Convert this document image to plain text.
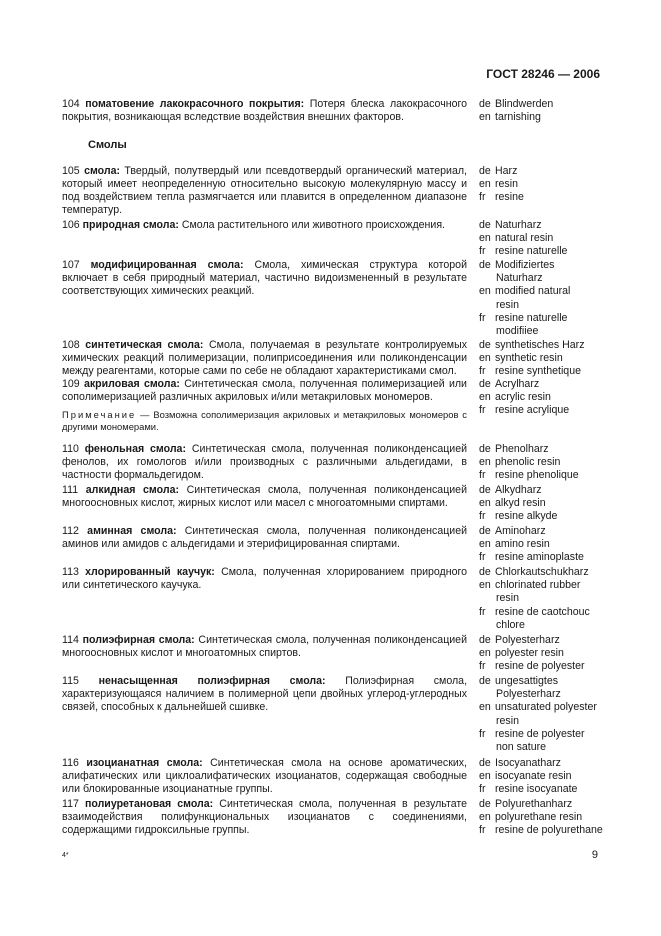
ГОСТ 28246 — 2006
104 поматовение лакокрасочного покрытия: Потеря блеска лакокрасочного покрытия, возникающая вследствие воздействия внешних факторов.
de Blindwerden
en tarnishing
Смолы
105 смола: Твердый, полутвердый или псевдотвердый органический материал, который имеет неопределенную относительно высокую молекулярную массу и под воздействием тепла размягчается или плавится в определенном диапазоне температур.
de Harz
en resin
fr resine
106 природная смола: Смола растительного или животного происхождения.	de Naturharz
en natural resin
fr resine naturelle
107 модифицированная смола: Смола, химическая структура которой включает в себя природный материал, частично видоизмененный в результате соответствующих химических реакций.
de Modifiziertes
Naturharz
en modified natural
resin
fr resine naturelle
modifiiee
108 синтетическая смола: Смола, получаемая в результате контролируемых химических реакций полимеризации, полиприсоединения или поликонденсации между реагентами, которые сами по себе не обладают характеристиками смол.
109 акриловая смола: Синтетическая смола, полученная полимеризацией или сополимеризацией различных акриловых и/или метакриловых мономеров.
Примечание — Возможна сополимеризация акриловых и метакриловых мономеров с другими мономерами.
de synthetisches Harz
en synthetic resin
fr resine synthetique
de Acrylharz
en acrylic resin
fr resine acrylique
110 фенольная смола: Синтетическая смола, полученная поликонденсацией фенолов, их гомологов и/или производных с различными альдегидами, в частности формальдегидом.
111 алкидная смола: Синтетическая смола, полученная поликонденсацией многоосновных кислот, жирных кислот или масел с многоатомными спиртами.
de Phenolharz
en phenolic resin
fr resine phenolique
de Alkydharz
en alkyd resin
fr resine alkyde
112 аминная смола: Синтетическая смола, полученная поликонденсацией аминов или амидов с альдегидами и этерифицированная спиртами.
de Aminoharz
en amino resin
fr resine aminoplaste
113 хлорированный каучук: Смола, полученная хлорированием природного или синтетического каучука.
de Chlorkautschukharz
en chlorinated rubber
resin
fr resine de caotchouc
chlore
114 полиэфирная смола: Синтетическая смола, полученная поликонденсацией многоосновных кислот и многоатомных спиртов.
de Polyesterharz
en polyester resin
fr resine de polyester
115 ненасыщенная полиэфирная смола: Полиэфирная смола, характеризующаяся наличием в полимерной цепи двойных углерод-углеродных связей, способных к дальнейшей сшивке.
de ungesattigtes
Polyesterharz
en unsaturated polyester
resin
fr resine de polyester
non sature
116 изоцианатная смола: Синтетическая смола на основе ароматических, алифатических или циклоалифатических изоцианатов, содержащая свободные или блокированные изоцианатные группы.
117 полиуретановая смола: Синтетическая смола, полученная в результате взаимодействия полифункциональных изоцианатов с соединениями, содержащими гидроксильные группы.
de Isocyanatharz
en isocyanate resin
fr resine isocyanate
de Polyurethanharz
en polyurethane resin
fr resine de polyurethane
4*	9
